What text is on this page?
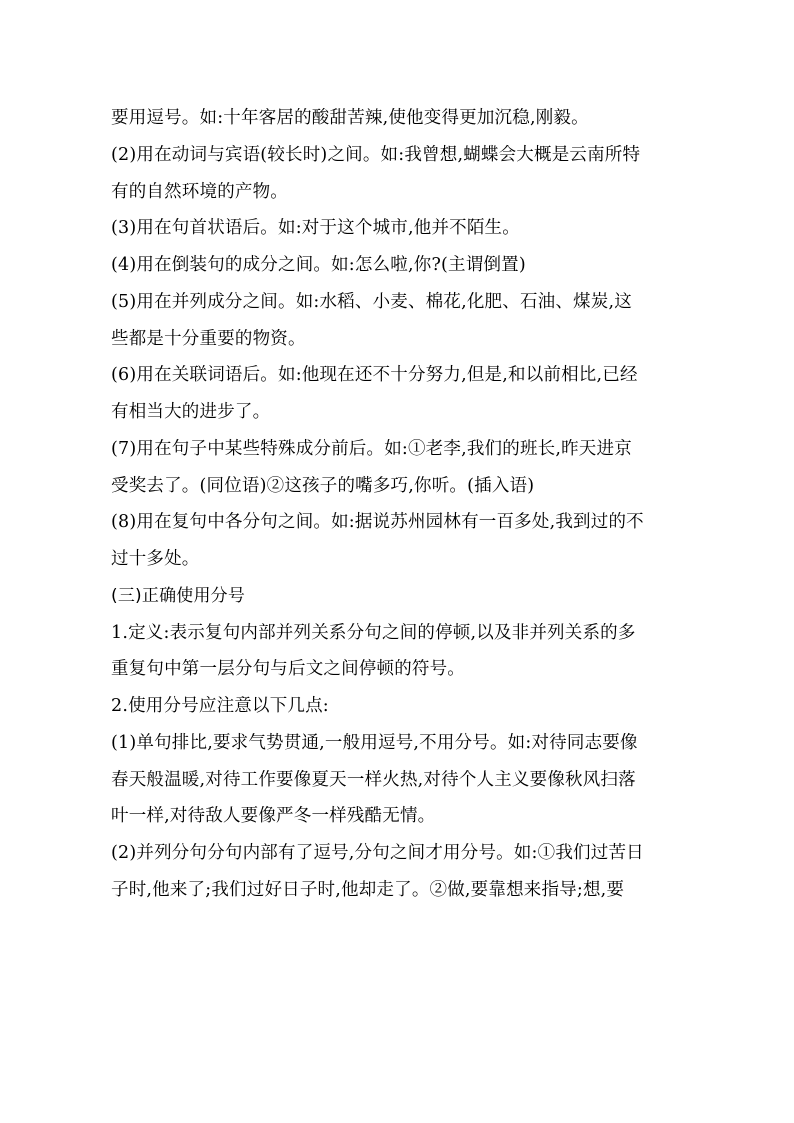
要用逗号。如:十年客居的酸甜苦辣,使他变得更加沉稳,刚毅。
(2)用在动词与宾语(较长时)之间。如:我曾想,蝴蝶会大概是云南所特
有的自然环境的产物。
(3)用在句首状语后。如:对于这个城市,他并不陌生。
(4)用在倒装句的成分之间。如:怎么啦,你?(主谓倒置)
(5)用在并列成分之间。如:水稻、小麦、棉花,化肥、石油、煤炭,这
些都是十分重要的物资。
(6)用在关联词语后。如:他现在还不十分努力,但是,和以前相比,已经
有相当大的进步了。
(7)用在句子中某些特殊成分前后。如:①老李,我们的班长,昨天进京
受奖去了。(同位语)②这孩子的嘴多巧,你听。(插入语)
(8)用在复句中各分句之间。如:据说苏州园林有一百多处,我到过的不
过十多处。
(三)正确使用分号
1.定义:表示复句内部并列关系分句之间的停顿,以及非并列关系的多
重复句中第一层分句与后文之间停顿的符号。
2.使用分号应注意以下几点:
(1)单句排比,要求气势贯通,一般用逗号,不用分号。如:对待同志要像
春天般温暖,对待工作要像夏天一样火热,对待个人主义要像秋风扫落
叶一样,对待敌人要像严冬一样残酷无情。
(2)并列分句分句内部有了逗号,分句之间才用分号。如:①我们过苦日
子时,他来了;我们过好日子时,他却走了。②做,要靠想来指导;想,要
